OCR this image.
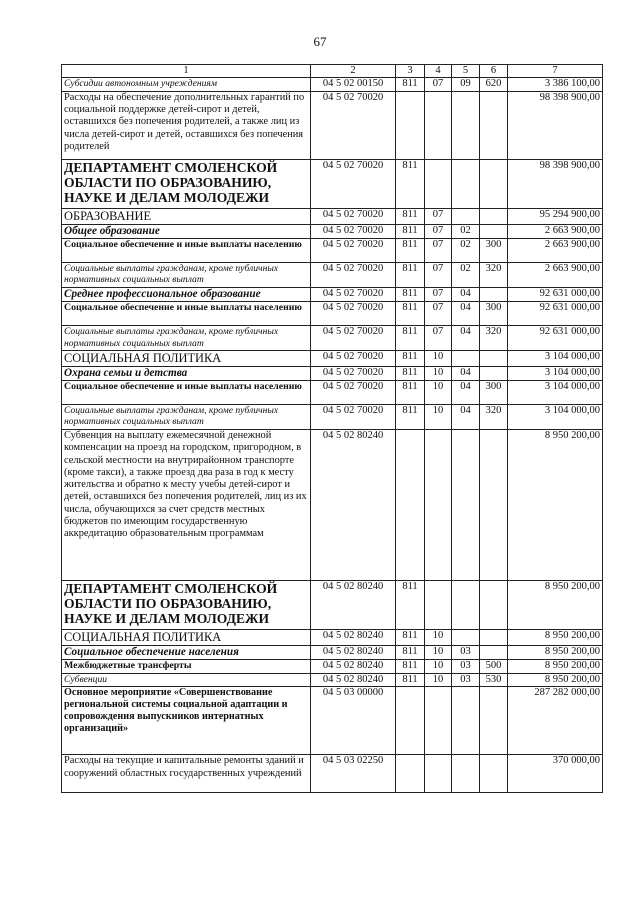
67
1	2	3	4	5	6	7
Субсидии автономным учреждениям	04 5 02 00150	811	07	09	620	3 386 100,00
Расходы на обеспечение дополнительных гарантий по социальной поддержке детей-сирот и детей, оставшихся без попечения родителей, а также лиц из числа детей-сирот и детей, оставшихся без попечения родителей	04 5 02 70020					98 398 900,00
ДЕПАРТАМЕНТ СМОЛЕНСКОЙ ОБЛАСТИ ПО ОБРАЗОВАНИЮ, НАУКЕ И ДЕЛАМ МОЛОДЕЖИ	04 5 02 70020	811				98 398 900,00
ОБРАЗОВАНИЕ	04 5 02 70020	811	07			95 294 900,00
Общее образование	04 5 02 70020	811	07	02		2 663 900,00
Социальное обеспечение и иные выплаты населению	04 5 02 70020	811	07	02	300	2 663 900,00
Социальные выплаты гражданам, кроме публичных нормативных социальных выплат	04 5 02 70020	811	07	02	320	2 663 900,00
Среднее профессиональное образование	04 5 02 70020	811	07	04		92 631 000,00
Социальное обеспечение и иные выплаты населению	04 5 02 70020	811	07	04	300	92 631 000,00
Социальные выплаты гражданам, кроме публичных нормативных социальных выплат	04 5 02 70020	811	07	04	320	92 631 000,00
СОЦИАЛЬНАЯ ПОЛИТИКА	04 5 02 70020	811	10			3 104 000,00
Охрана семьи и детства	04 5 02 70020	811	10	04		3 104 000,00
Социальное обеспечение и иные выплаты населению	04 5 02 70020	811	10	04	300	3 104 000,00
Социальные выплаты гражданам, кроме публичных нормативных социальных выплат	04 5 02 70020	811	10	04	320	3 104 000,00
Субвенция на выплату ежемесячной денежной компенсации на проезд на городском, пригородном, в сельской местности на внутрирайонном транспорте (кроме такси), а также проезд два раза в год к месту жительства и обратно к месту учебы детей-сирот и детей, оставшихся без попечения родителей, лиц из их числа, обучающихся за счет средств местных бюджетов по имеющим государственную аккредитацию образовательным программам	04 5 02 80240					8 950 200,00
ДЕПАРТАМЕНТ СМОЛЕНСКОЙ ОБЛАСТИ ПО ОБРАЗОВАНИЮ, НАУКЕ И ДЕЛАМ МОЛОДЕЖИ	04 5 02 80240	811				8 950 200,00
СОЦИАЛЬНАЯ ПОЛИТИКА	04 5 02 80240	811	10			8 950 200,00
Социальное обеспечение населения	04 5 02 80240	811	10	03		8 950 200,00
Межбюджетные трансферты	04 5 02 80240	811	10	03	500	8 950 200,00
Субвенции	04 5 02 80240	811	10	03	530	8 950 200,00
Основное мероприятие «Совершенствование региональной системы социальной адаптации и сопровождения выпускников интернатных организаций»	04 5 03 00000					287 282 000,00
Расходы на текущие и капитальные ремонты зданий и сооружений областных государственных учреждений	04 5 03 02250					370 000,00
